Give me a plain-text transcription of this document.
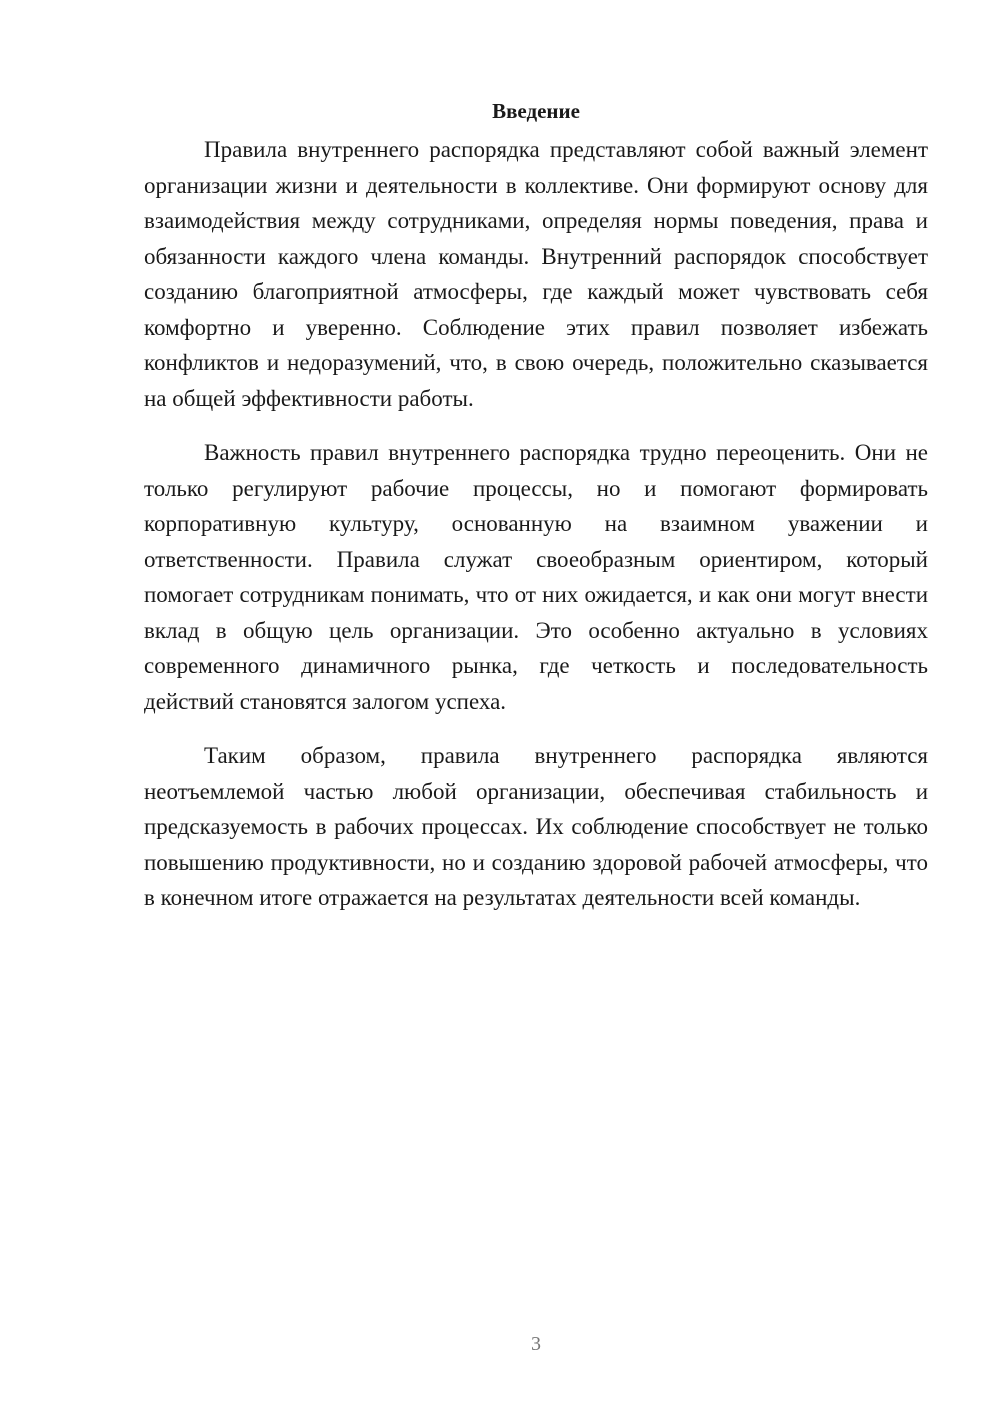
Введение

Правила внутреннего распорядка представляют собой важный элемент организации жизни и деятельности в коллективе. Они формируют основу для взаимодействия между сотрудниками, определяя нормы поведения, права и обязанности каждого члена команды. Внутренний распорядок способствует созданию благоприятной атмосферы, где каждый может чувствовать себя комфортно и уверенно. Соблюдение этих правил позволяет избежать конфликтов и недоразумений, что, в свою очередь, положительно сказывается на общей эффективности работы.

Важность правил внутреннего распорядка трудно переоценить. Они не только регулируют рабочие процессы, но и помогают формировать корпоративную культуру, основанную на взаимном уважении и ответственности. Правила служат своеобразным ориентиром, который помогает сотрудникам понимать, что от них ожидается, и как они могут внести вклад в общую цель организации. Это особенно актуально в условиях современного динамичного рынка, где четкость и последовательность действий становятся залогом успеха.

Таким образом, правила внутреннего распорядка являются неотъемлемой частью любой организации, обеспечивая стабильность и предсказуемость в рабочих процессах. Их соблюдение способствует не только повышению продуктивности, но и созданию здоровой рабочей атмосферы, что в конечном итоге отражается на результатах деятельности всей команды.

3
